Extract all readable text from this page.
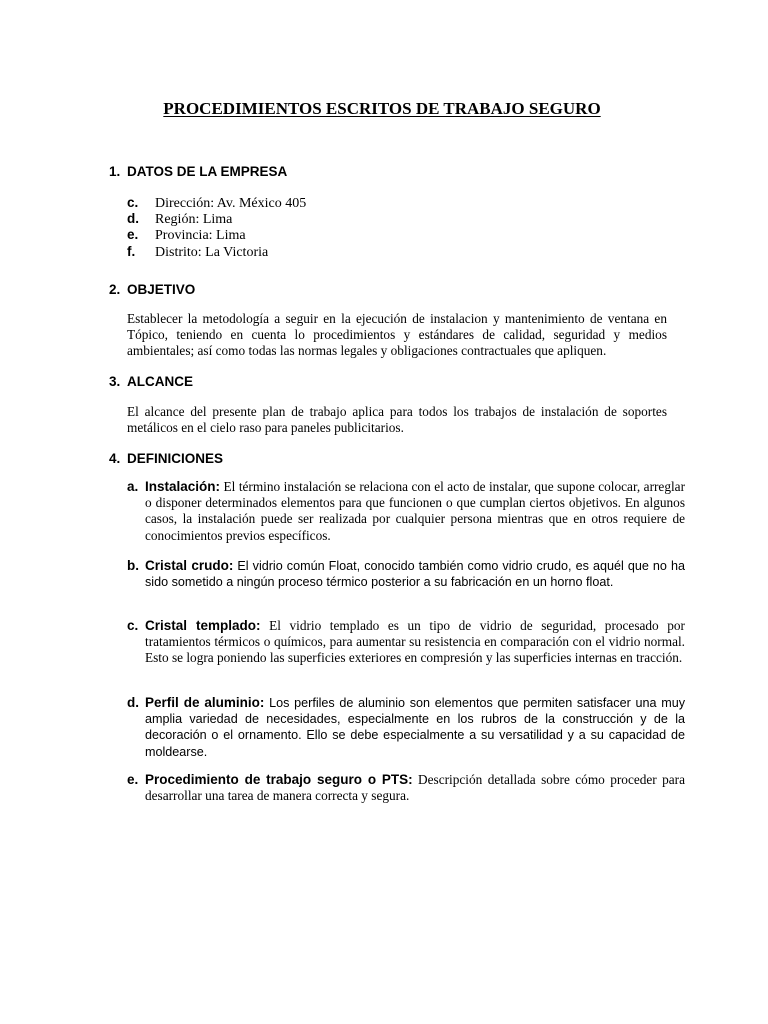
PROCEDIMIENTOS ESCRITOS DE TRABAJO SEGURO
1. DATOS DE LA EMPRESA
c. Dirección: Av. México 405
d. Región: Lima
e. Provincia: Lima
f. Distrito: La Victoria
2. OBJETIVO

Establecer la metodología a seguir en la ejecución de instalacion y mantenimiento de ventana en Tópico, teniendo en cuenta lo procedimientos y estándares de calidad, seguridad y medios ambientales; así como todas las normas legales y obligaciones contractuales que apliquen.

3. ALCANCE

El alcance del presente plan de trabajo aplica para todos los trabajos de instalación de soportes metálicos en el cielo raso para paneles publicitarios.

4. DEFINICIONES

a. Instalación: El término instalación se relaciona con el acto de instalar, que supone colocar, arreglar o disponer determinados elementos para que funcionen o que cumplan ciertos objetivos. En algunos casos, la instalación puede ser realizada por cualquier persona mientras que en otros requiere de conocimientos previos específicos.

b. Cristal crudo: El vidrio común Float, conocido también como vidrio crudo, es aquél que no ha sido sometido a ningún proceso térmico posterior a su fabricación en un horno float.

c. Cristal templado: El vidrio templado es un tipo de vidrio de seguridad, procesado por tratamientos térmicos o químicos, para aumentar su resistencia en comparación con el vidrio normal. Esto se logra poniendo las superficies exteriores en compresión y las superficies internas en tracción.

d. Perfil de aluminio: Los perfiles de aluminio son elementos que permiten satisfacer una muy amplia variedad de necesidades, especialmente en los rubros de la construcción y de la decoración o el ornamento. Ello se debe especialmente a su versatilidad y a su capacidad de moldearse.

e. Procedimiento de trabajo seguro o PTS: Descripción detallada sobre cómo proceder para desarrollar una tarea de manera correcta y segura.
